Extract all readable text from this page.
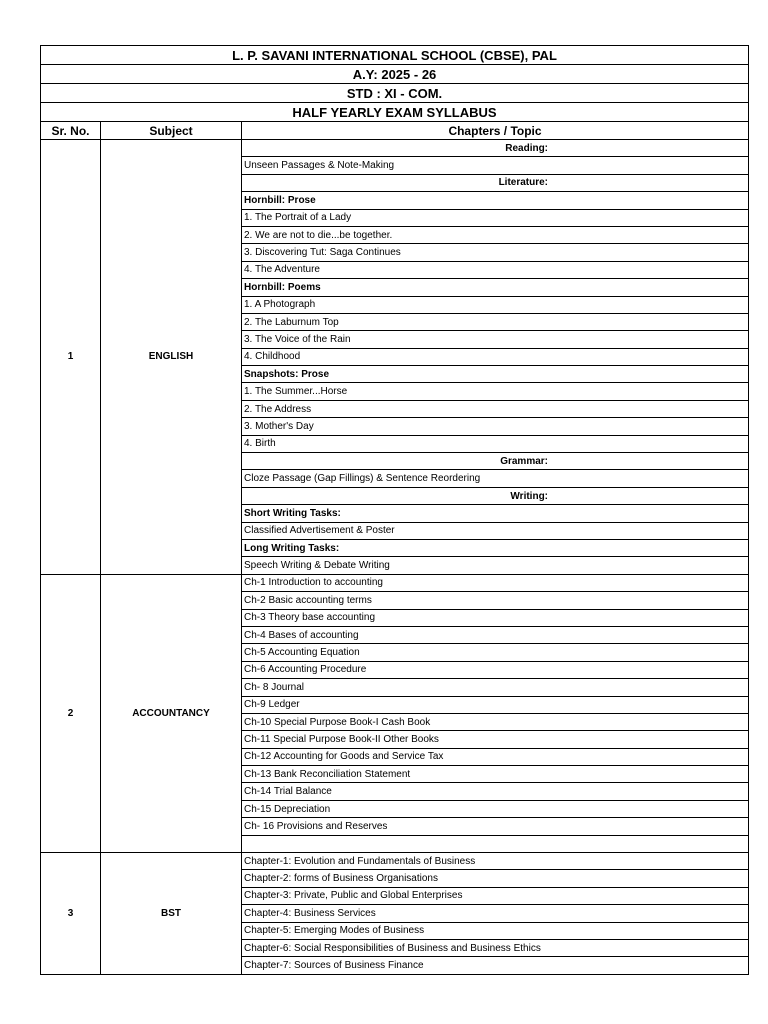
L. P. SAVANI INTERNATIONAL SCHOOL (CBSE), PAL		
A.Y: 2025 - 26		
STD : XI - COM.		
HALF YEARLY EXAM SYLLABUS		
Sr. No.	Subject	Chapters / Topic
1	ENGLISH	Reading:
		Unseen Passages & Note-Making
		Literature:
		Hornbill: Prose
		1. The Portrait of a Lady
		2. We are not to die...be together.
		3. Discovering Tut: Saga Continues
		4. The Adventure
		Hornbill: Poems
		1. A Photograph
		2. The Laburnum Top
		3. The Voice of the Rain
		4. Childhood
		Snapshots: Prose
		1. The Summer...Horse
		2. The Address
		3. Mother's Day
		4. Birth
		Grammar:
		Cloze Passage (Gap Fillings) & Sentence Reordering
		Writing:
		Short Writing Tasks:
		Classified Advertisement & Poster
		Long Writing Tasks:
		Speech Writing & Debate Writing
2	ACCOUNTANCY	Ch-1 Introduction to accounting
		Ch-2 Basic accounting terms
		Ch-3 Theory base accounting
		Ch-4 Bases of accounting
		Ch-5 Accounting Equation
		Ch-6 Accounting Procedure
		Ch- 8 Journal
		Ch-9 Ledger
		Ch-10 Special Purpose Book-I Cash Book
		Ch-11 Special Purpose Book-II Other Books
		Ch-12 Accounting for Goods and Service Tax
		Ch-13 Bank Reconciliation Statement
		Ch-14 Trial Balance
		Ch-15 Depreciation
		Ch- 16 Provisions and Reserves

3	BST	Chapter-1: Evolution and Fundamentals of Business
		Chapter-2: forms of Business Organisations
		Chapter-3: Private, Public and Global Enterprises
		Chapter-4: Business Services
		Chapter-5: Emerging Modes of Business
		Chapter-6: Social Responsibilities of Business and Business Ethics
		Chapter-7: Sources of Business Finance
